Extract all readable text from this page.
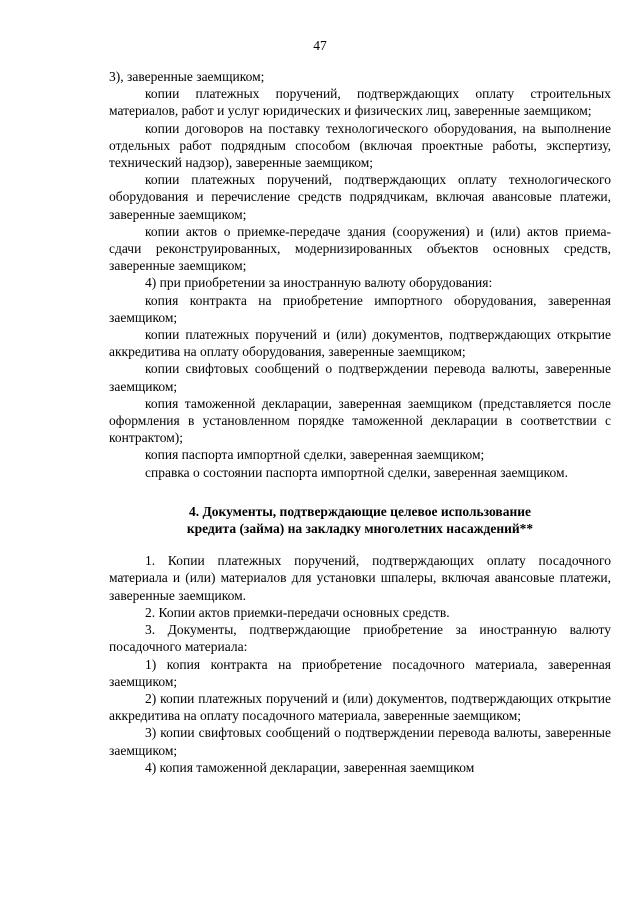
47

3), заверенные заемщиком;

копии платежных поручений, подтверждающих оплату строительных материалов, работ и услуг юридических и физических лиц, заверенные заемщиком;

копии договоров на поставку технологического оборудования, на выполнение отдельных работ подрядным способом (включая проектные работы, экспертизу, технический надзор), заверенные заемщиком;

копии платежных поручений, подтверждающих оплату технологического оборудования и перечисление средств подрядчикам, включая авансовые платежи, заверенные заемщиком;

копии актов о приемке-передаче здания (сооружения) и (или) актов приема-сдачи реконструированных, модернизированных объектов основных средств, заверенные заемщиком;

4) при приобретении за иностранную валюту оборудования:

копия контракта на приобретение импортного оборудования, заверенная заемщиком;

копии платежных поручений и (или) документов, подтверждающих открытие аккредитива на оплату оборудования, заверенные заемщиком;

копии свифтовых сообщений о подтверждении перевода валюты, заверенные заемщиком;

копия таможенной декларации, заверенная заемщиком (представляется после оформления в установленном порядке таможенной декларации в соответствии с контрактом);

копия паспорта импортной сделки, заверенная заемщиком;

справка о состоянии паспорта импортной сделки, заверенная заемщиком.

4. Документы, подтверждающие целевое использование
кредита (займа) на закладку многолетних насаждений**

1. Копии платежных поручений, подтверждающих оплату посадочного материала и (или) материалов для установки шпалеры, включая авансовые платежи, заверенные заемщиком.

2. Копии актов приемки-передачи основных средств.

3. Документы, подтверждающие приобретение за иностранную валюту посадочного материала:

1) копия контракта на приобретение посадочного материала, заверенная заемщиком;

2) копии платежных поручений и (или) документов, подтверждающих открытие аккредитива на оплату посадочного материала, заверенные заемщиком;

3) копии свифтовых сообщений о подтверждении перевода валюты, заверенные заемщиком;

4) копия таможенной декларации, заверенная заемщиком
